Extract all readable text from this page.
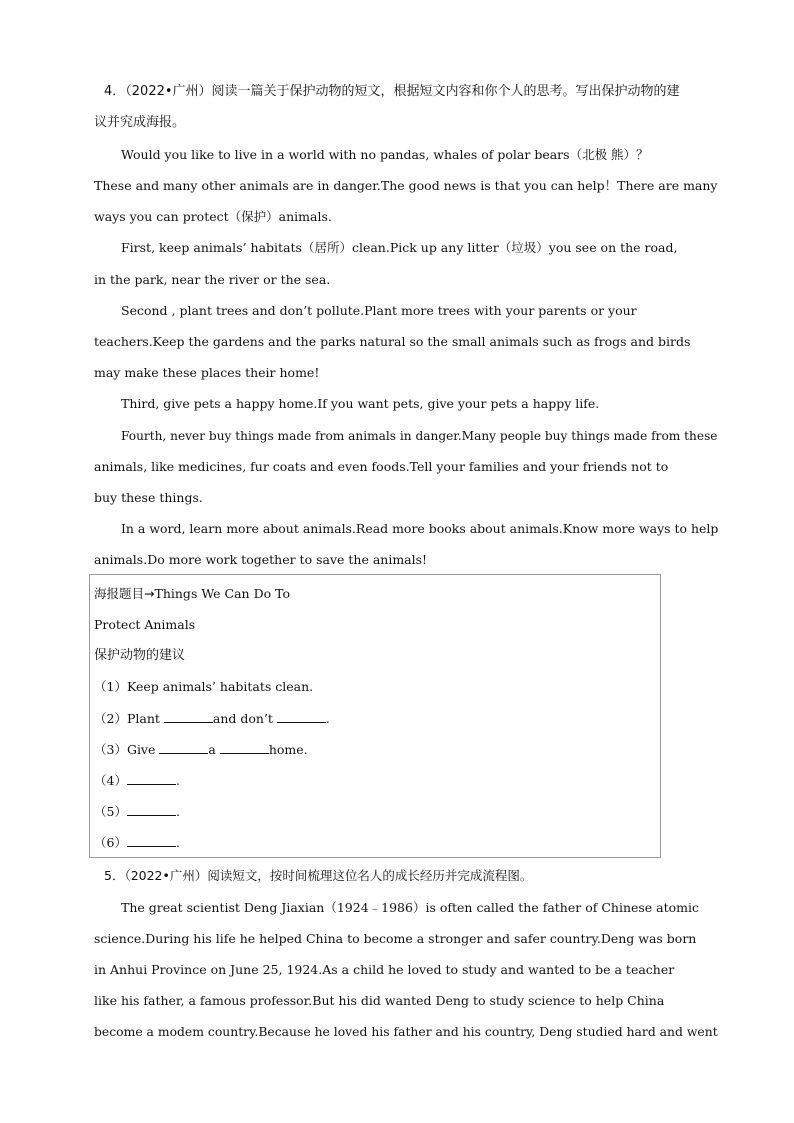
4．（2022•广州）阅读一篇关于保护动物的短文，根据短文内容和你个人的思考。写出保护动物的建
议并究成海报。
Would you like to live in a world with no pandas, whales of polar bears（北极 熊）？
These and many other animals are in danger.The good news is that you can help！There are many
ways you can protect（保护）animals.
First, keep animals’ habitats（居所）clean.Pick up any litter（垃圾）you see on the road,
in the park, near the river or the sea.
Second , plant trees and don’t pollute.Plant more trees with your parents or your
teachers.Keep the gardens and the parks natural so the small animals such as frogs and birds
may make these places their home!
Third, give pets a happy home.If you want pets, give your pets a happy life.
Fourth, never buy things made from animals in danger.Many people buy things made from these
animals, like medicines, fur coats and even foods.Tell your families and your friends not to
buy these things.
In a word, learn more about animals.Read more books about animals.Know more ways to help
animals.Do more work together to save the animals!
海报题目→Things We Can Do To
Protect Animals
保护动物的建议
（1）Keep animals’ habitats clean.
（2）Plant	and don’t	.
（3）Give	a	home.
（4）	.
（5）	.
（6）	.
5．（2022•广州）阅读短文，按时间梳理这位名人的成长经历并完成流程图。
The great scientist Deng Jiaxian（1924﹣1986）is often called the father of Chinese atomic
science.During his life he helped China to become a stronger and safer country.Deng was born
in Anhui Province on June 25, 1924.As a child he loved to study and wanted to be a teacher
like his father, a famous professor.But his did wanted Deng to study science to help China
become a modem country.Because he loved his father and his country, Deng studied hard and went
